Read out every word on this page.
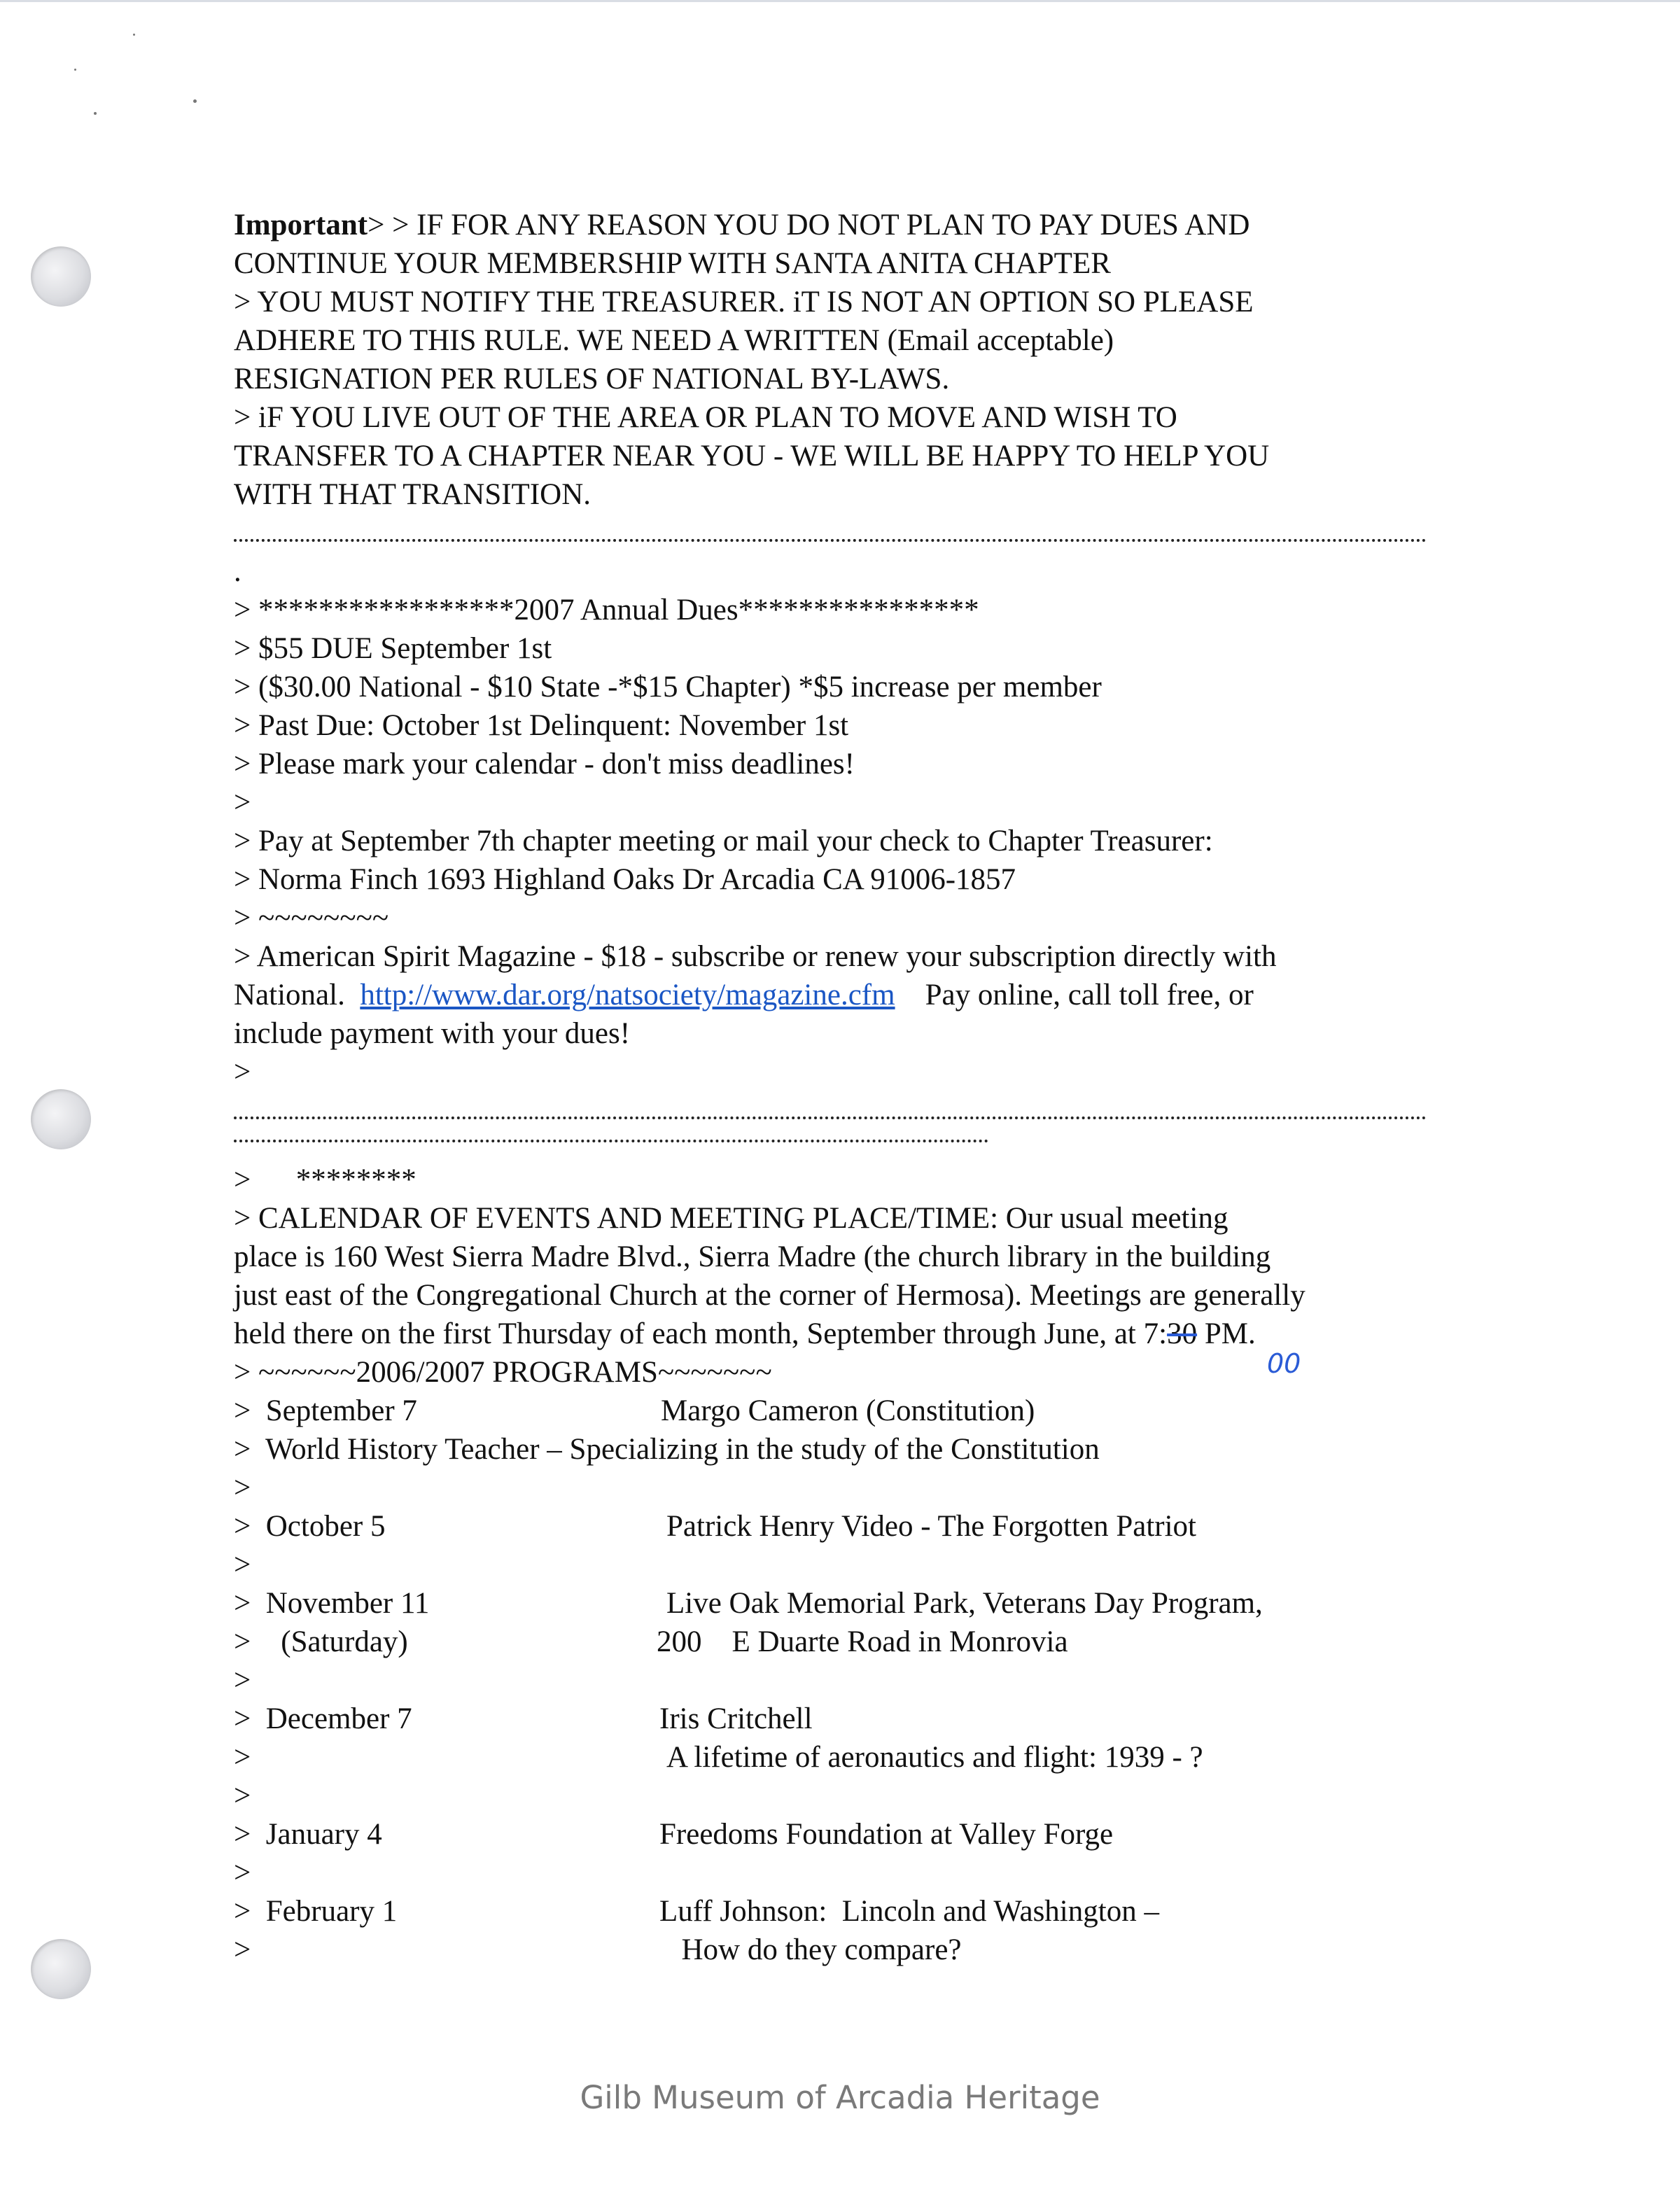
Important> > IF FOR ANY REASON YOU DO NOT PLAN TO PAY DUES AND
CONTINUE YOUR MEMBERSHIP WITH SANTA ANITA CHAPTER
> YOU MUST NOTIFY THE TREASURER. iT IS NOT AN OPTION SO PLEASE
ADHERE TO THIS RULE. WE NEED A WRITTEN (Email acceptable)
RESIGNATION PER RULES OF NATIONAL BY-LAWS.
> iF YOU LIVE OUT OF THE AREA OR PLAN TO MOVE AND WISH TO
TRANSFER TO A CHAPTER NEAR YOU - WE WILL BE HAPPY TO HELP YOU
WITH THAT TRANSITION.
.
> *****************2007 Annual Dues****************
> $55 DUE September 1st
> ($30.00 National - $10 State -*$15 Chapter) *$5 increase per member
> Past Due: October 1st Delinquent: November 1st
> Please mark your calendar - don't miss deadlines!
>
> Pay at September 7th chapter meeting or mail your check to Chapter Treasurer:
> Norma Finch 1693 Highland Oaks Dr Arcadia CA 91006-1857
> ~~~~~~~~
> American Spirit Magazine - $18 - subscribe or renew your subscription directly with
National.  http://www.dar.org/natsociety/magazine.cfm    Pay online, call toll free, or
include payment with your dues!
>
>      ********
> CALENDAR OF EVENTS AND MEETING PLACE/TIME: Our usual meeting
place is 160 West Sierra Madre Blvd., Sierra Madre (the church library in the building
just east of the Congregational Church at the corner of Hermosa). Meetings are generally
held there on the first Thursday of each month, September through June, at 7:30 PM.
> ~~~~~~2006/2007 PROGRAMS~~~~~~~
>  September 7	Margo Cameron (Constitution)
>  World History Teacher – Specializing in the study of the Constitution
>
>  October 5	Patrick Henry Video - The Forgotten Patriot
>
>  November 11	Live Oak Memorial Park, Veterans Day Program,
>    (Saturday)	200    E Duarte Road in Monrovia
>
>  December 7	Iris Critchell
>	A lifetime of aeronautics and flight: 1939 - ?
>
>  January 4	Freedoms Foundation at Valley Forge
>
>  February 1	Luff Johnson:  Lincoln and Washington –
>	How do they compare?
00
Gilb Museum of Arcadia Heritage
